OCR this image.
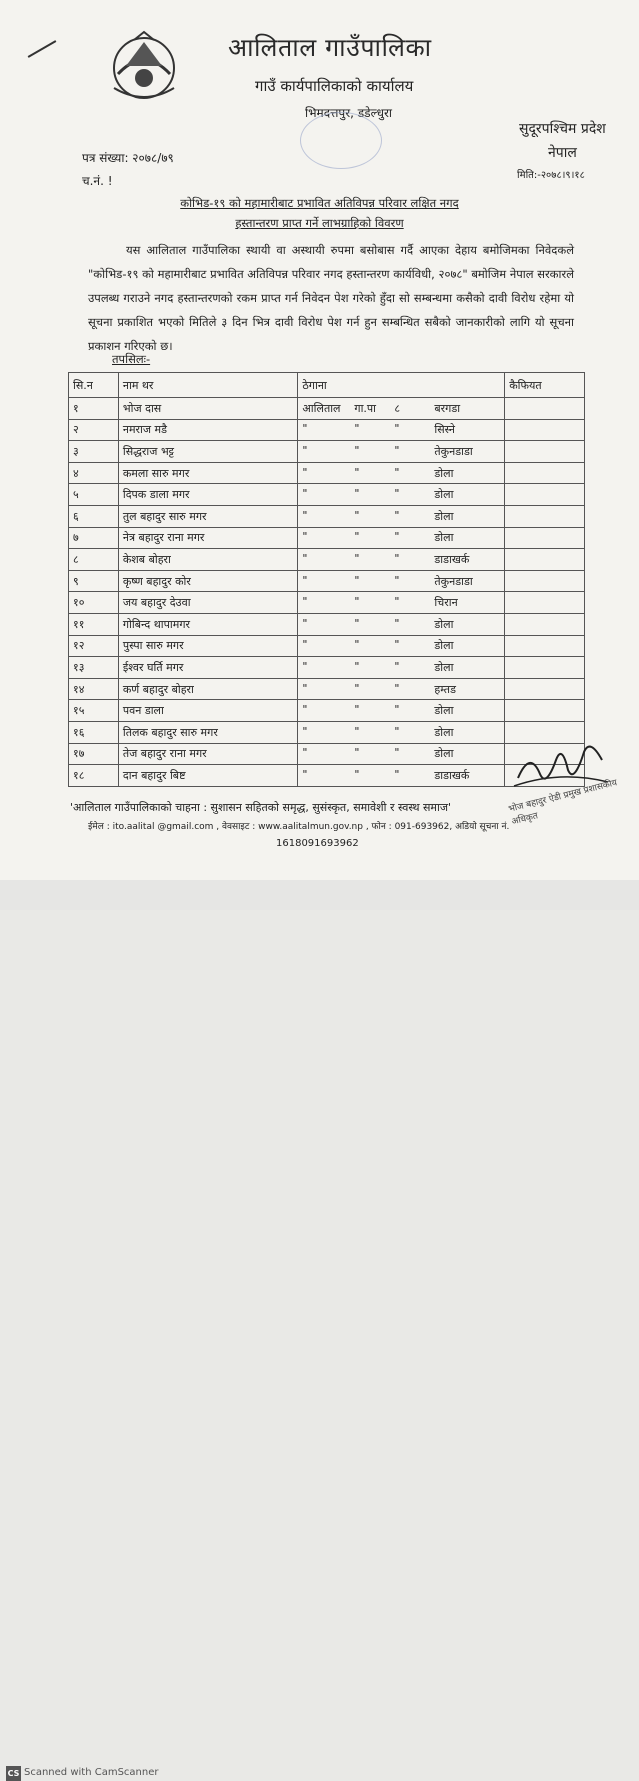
आलिताल गाउँपालिका
गाउँ कार्यपालिकाको कार्यालय
भिमदत्तपुर, डडेल्धुरा
सुदूरपश्चिम प्रदेश
नेपाल
मिति:-२०७८।९।१८
पत्र संख्या: २०७८/७९
च.नं. !
कोभिड-१९ को महामारीबाट प्रभावित अतिविपन्न परिवार लक्षित नगद
हस्तान्तरण प्राप्त गर्ने लाभग्राहिको विवरण
यस आलिताल गाउँपालिका स्थायी वा अस्थायी रुपमा बसोबास गर्दै आएका देहाय बमोजिमका निवेदकले "कोभिड-१९ को महामारीबाट प्रभावित अतिविपन्न परिवार नगद हस्तान्तरण कार्यविधी, २०७८" बमोजिम नेपाल सरकारले उपलब्ध गराउने नगद हस्तान्तरणको रकम प्राप्त गर्न निवेदन पेश गरेको हुँदा सो सम्बन्धमा कसैको दावी विरोध रहेमा यो सूचना प्रकाशित भएको मितिले ३ दिन भित्र दावी विरोध पेश गर्न हुन सम्बन्धित सबैको जानकारीको लागि यो सूचना प्रकाशन गरिएको छ।
तपसिलः-
सि.न	नाम थर	ठेगाना	कैफियत
१	भोज दास	आलिताल गा.पा ८ बरगडा	

२	नमराज मडै	" " " सिस्ने	

३	सिद्धराज भट्ट	" " " तेकुनडाडा	

४	कमला सारु मगर	" " " डोला	

५	दिपक डाला मगर	" " " डोला	

६	तुल बहादुर सारु मगर	" " " डोला	

७	नेत्र बहादुर राना मगर	" " " डोला	

८	केशब बोहरा	" " " डाडाखर्क	

९	कृष्ण बहादुर कोर	" " " तेकुनडाडा	

१०	जय बहादुर देउवा	" " " चिरान	

११	गोबिन्द थापामगर	" " " डोला	

१२	पुस्पा सारु मगर	" " " डोला	

१३	ईश्वर घर्ति मगर	" " " डोला	

१४	कर्ण बहादुर बोहरा	" " " हम्तड	

१५	पवन डाला	" " " डोला	

१६	तिलक बहादुर सारु मगर	" " " डोला	

१७	तेज बहादुर राना मगर	" " " डोला	

१८	दान बहादुर बिष्ट	" " " डाडाखर्क	

भोज बहादुर ऐडी प्रमुख प्रशासकीय अधिकृत
'आलिताल गाउँपालिकाको चाहना : सुशासन सहितको समृद्ध, सुसंस्कृत, समावेशी र स्वस्थ समाज'
ईमेल : ito.aalital @gmail.com , वेवसाइट : www.aalitalmun.gov.np , फोन : 091-693962, अडियो सूचना नं.
1618091693962
CS Scanned with CamScanner
